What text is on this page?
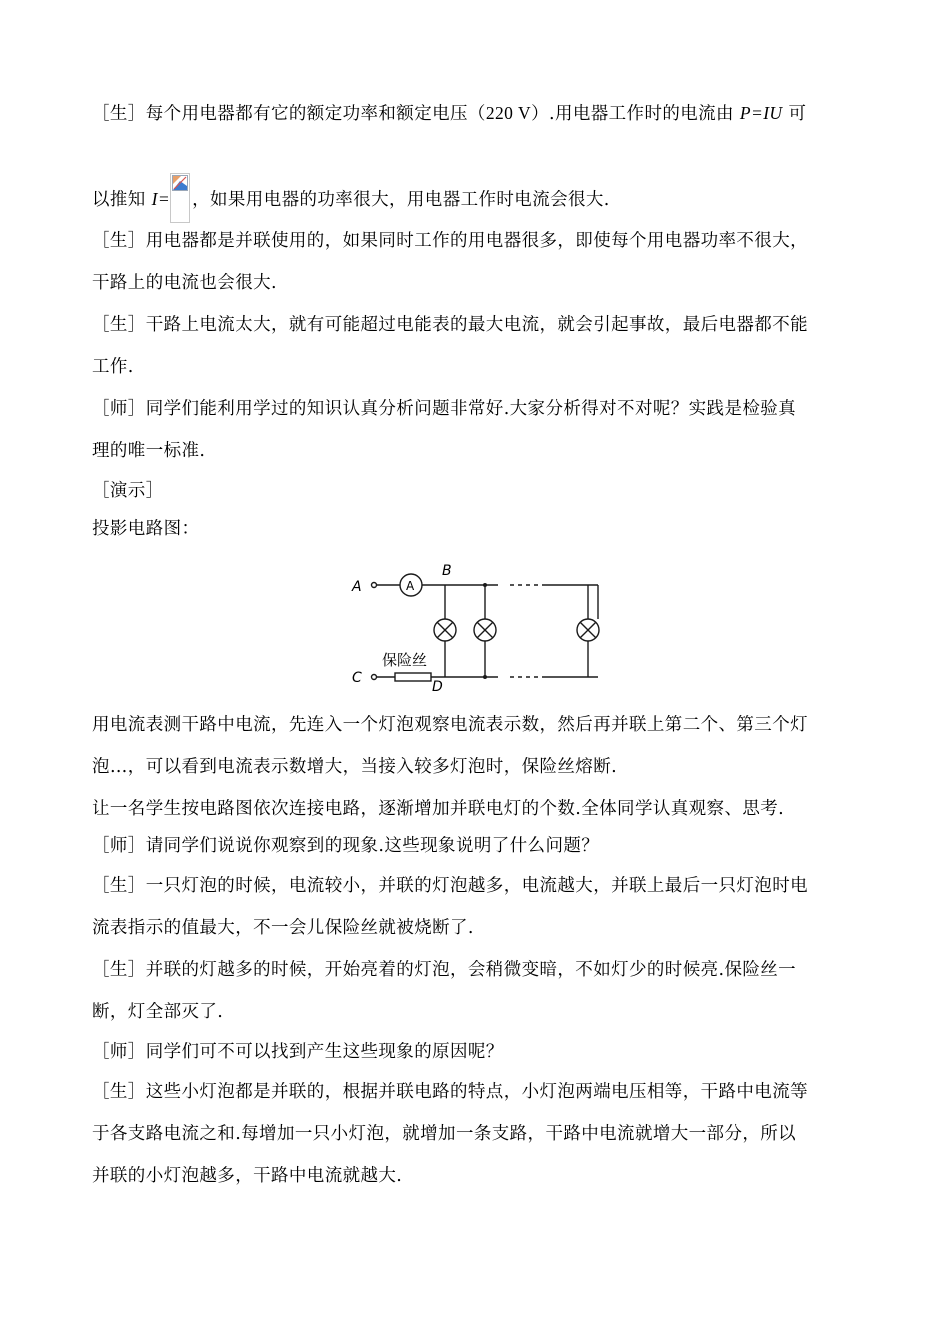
［生］每个用电器都有它的额定功率和额定电压（220 V）.用电器工作时的电流由 P=IU 可
以推知 I= ，如果用电器的功率很大，用电器工作时电流会很大.
［生］用电器都是并联使用的，如果同时工作的用电器很多，即使每个用电器功率不很大，
干路上的电流也会很大.
［生］干路上电流太大，就有可能超过电能表的最大电流，就会引起事故，最后电器都不能
工作.
［师］同学们能利用学过的知识认真分析问题非常好.大家分析得对不对呢？实践是检验真
理的唯一标准.
［演示］
投影电路图：
A
B
C
D
A
保险丝
用电流表测干路中电流，先连入一个灯泡观察电流表示数，然后再并联上第二个、第三个灯
泡…，可以看到电流表示数增大，当接入较多灯泡时，保险丝熔断.
让一名学生按电路图依次连接电路，逐渐增加并联电灯的个数.全体同学认真观察、思考.
［师］请同学们说说你观察到的现象.这些现象说明了什么问题？
［生］一只灯泡的时候，电流较小，并联的灯泡越多，电流越大，并联上最后一只灯泡时电
流表指示的值最大，不一会儿保险丝就被烧断了.
［生］并联的灯越多的时候，开始亮着的灯泡，会稍微变暗，不如灯少的时候亮.保险丝一
断，灯全部灭了.
［师］同学们可不可以找到产生这些现象的原因呢？
［生］这些小灯泡都是并联的，根据并联电路的特点，小灯泡两端电压相等，干路中电流等
于各支路电流之和.每增加一只小灯泡，就增加一条支路，干路中电流就增大一部分，所以
并联的小灯泡越多，干路中电流就越大.
